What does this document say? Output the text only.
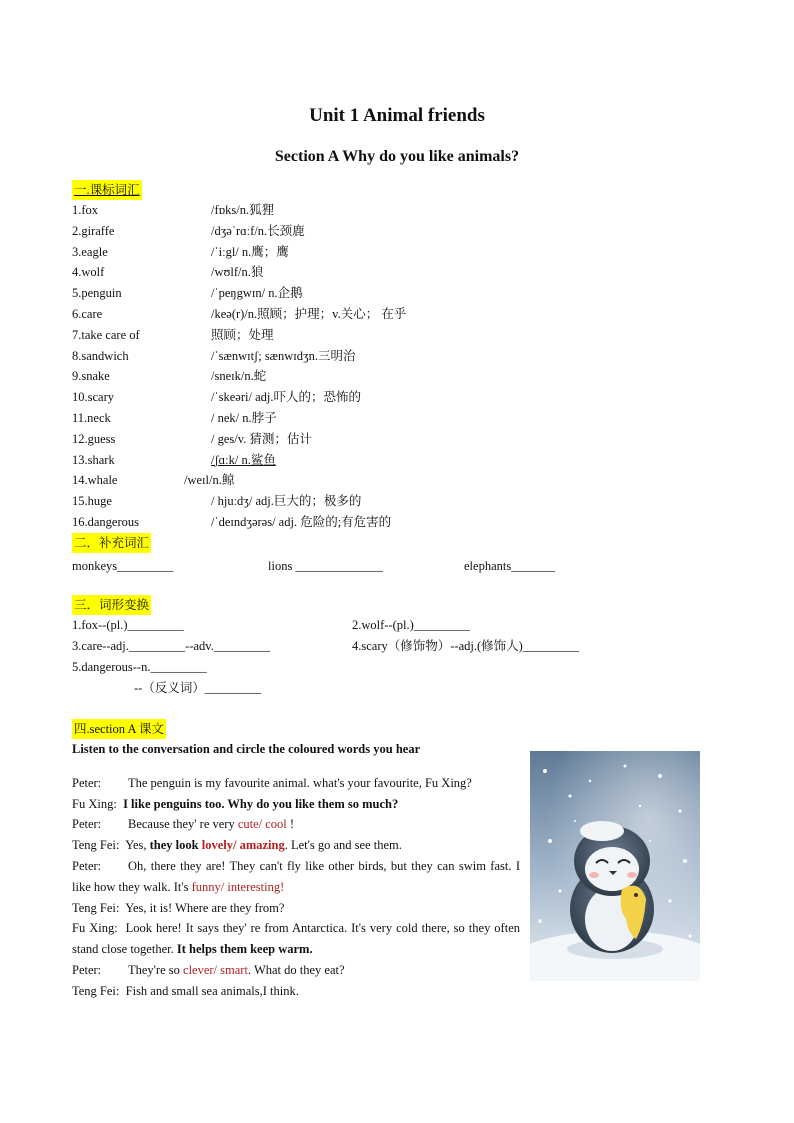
Unit 1 Animal friends
Section A Why do you like animals?
一.课标词汇
1.fox	/fɒks/n.狐狸
2.giraffe	/dʒəˈrɑːf/n.长颈鹿
3.eagle	/ˈiːgl/ n.鹰；鹰
4.wolf	/wʊlf/n.狼
5.penguin	/ˈpeŋgwɪn/ n.企鹅
6.care	/keə(r)/n.照顾；护理；v.关心； 在乎
7.take care of	照顾；处理
8.sandwich	/ˈsænwɪtʃ; sænwɪdʒn.三明治
9.snake	/sneɪk/n.蛇
10.scary	/ˈskeəri/ adj.吓人的；恐怖的
11.neck	/ nek/ n.脖子
12.guess	/ ges/v. 猜测；估计
13.shark	/ʃɑːk/ n.鲨鱼
14.whale	/weɪl/n.鲸
15.huge	/ hjuːdʒ/ adj.巨大的；极多的
16.dangerous	/ˈdeɪndʒərəs/ adj. 危险的;有危害的
二．补充词汇
monkeys_________	lions ______________	elephants_______
三．词形变换
1.fox--(pl.)_________	2.wolf--(pl.)_________
3.care--adj._________--adv._________	4.scary（修饰物）--adj.(修饰人)_________
5.dangerous--n._________
--（反义词）_________
四.section A 课文
Listen to the conversation and circle the coloured words you hear

Peter: The penguin is my favourite animal. what's your favourite, Fu Xing?

Fu Xing: I like penguins too. Why do you like them so much?

Peter: Because they' re very cute/ cool !

Teng Fei: Yes, they look lovely/ amazing. Let's go and see them.

Peter: Oh, there they are! They can't fly like other birds, but they can swim fast. I like how they walk. It's funny/ interesting!

Teng Fei: Yes, it is! Where are they from?

Fu Xing: Look here! It says they' re from Antarctica. It's very cold there, so they often stand close together. It helps them keep warm.

Peter: They're so clever/ smart. What do they eat?

Teng Fei: Fish and small sea animals,I think.
